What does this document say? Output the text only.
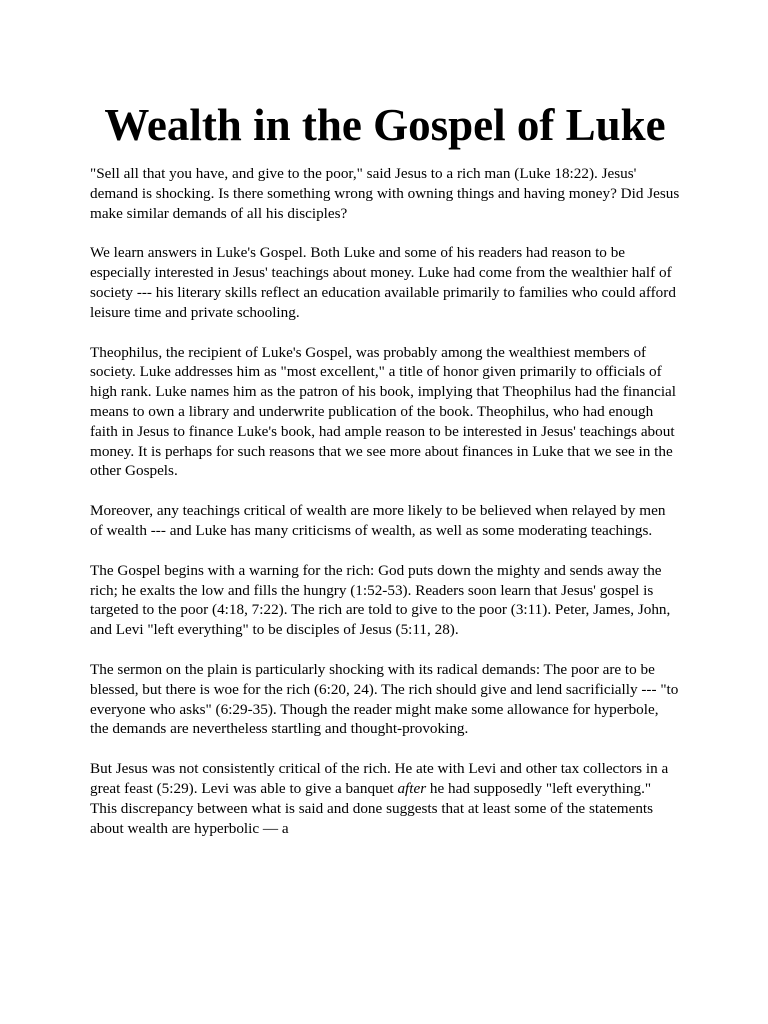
Wealth in the Gospel of Luke

"Sell all that you have, and give to the poor," said Jesus to a rich man (Luke 18:22). Jesus' demand is shocking. Is there something wrong with owning things and having money? Did Jesus make similar demands of all his disciples?

We learn answers in Luke's Gospel. Both Luke and some of his readers had reason to be especially interested in Jesus' teachings about money. Luke had come from the wealthier half of society --- his literary skills reflect an education available primarily to families who could afford leisure time and private schooling.

Theophilus, the recipient of Luke's Gospel, was probably among the wealthiest members of society. Luke addresses him as "most excellent," a title of honor given primarily to officials of high rank. Luke names him as the patron of his book, implying that Theophilus had the financial means to own a library and underwrite publication of the book. Theophilus, who had enough faith in Jesus to finance Luke's book, had ample reason to be interested in Jesus' teachings about money. It is perhaps for such reasons that we see more about finances in Luke that we see in the other Gospels.

Moreover, any teachings critical of wealth are more likely to be believed when relayed by men of wealth --- and Luke has many criticisms of wealth, as well as some moderating teachings.

The Gospel begins with a warning for the rich: God puts down the mighty and sends away the rich; he exalts the low and fills the hungry (1:52-53). Readers soon learn that Jesus' gospel is targeted to the poor (4:18, 7:22). The rich are told to give to the poor (3:11). Peter, James, John, and Levi "left everything" to be disciples of Jesus (5:11, 28).

The sermon on the plain is particularly shocking with its radical demands: The poor are to be blessed, but there is woe for the rich (6:20, 24). The rich should give and lend sacrificially --- "to everyone who asks" (6:29-35). Though the reader might make some allowance for hyperbole, the demands are nevertheless startling and thought-provoking.

But Jesus was not consistently critical of the rich. He ate with Levi and other tax collectors in a great feast (5:29). Levi was able to give a banquet after he had supposedly "left everything." This discrepancy between what is said and done suggests that at least some of the statements about wealth are hyperbolic — a
